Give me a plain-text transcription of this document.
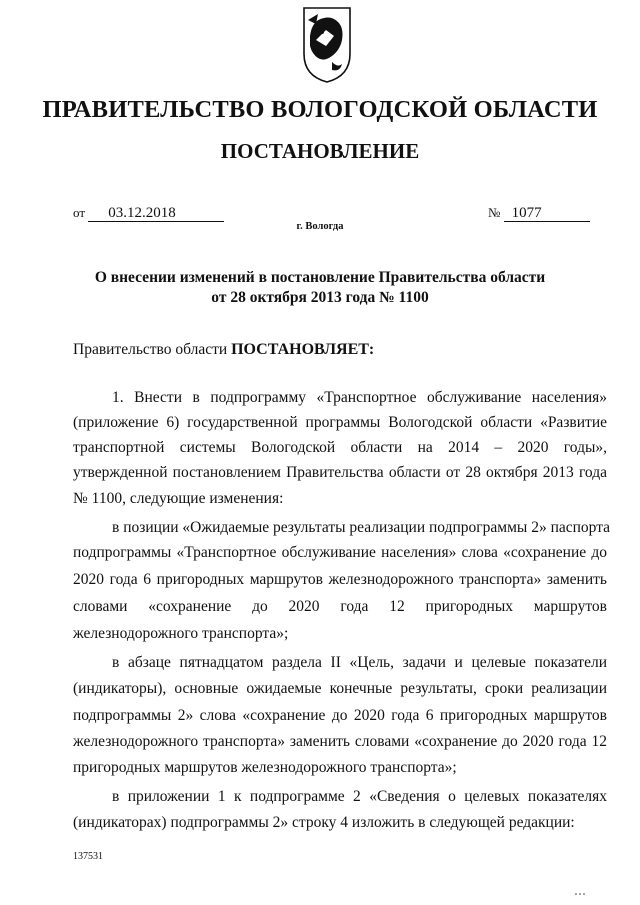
ПРАВИТЕЛЬСТВО ВОЛОГОДСКОЙ ОБЛАСТИ
ПОСТАНОВЛЕНИЕ
от 03.12.2018	№ 1077
г. Вологда
О внесении изменений в постановление Правительства области
от 28 октября 2013 года № 1100
Правительство области ПОСТАНОВЛЯЕТ:
1. Внести в подпрограмму «Транспортное обслуживание населения»
(приложение 6) государственной программы Вологодской области «Развитие
транспортной системы Вологодской области на 2014 – 2020 годы»,
утвержденной постановлением Правительства области от 28 октября 2013 года
№ 1100, следующие изменения:
в позиции «Ожидаемые результаты реализации подпрограммы 2» паспорта
подпрограммы «Транспортное обслуживание населения» слова «сохранение до
2020 года 6 пригородных маршрутов железнодорожного транспорта» заменить
словами «сохранение до 2020 года 12 пригородных маршрутов
железнодорожного транспорта»;
в абзаце пятнадцатом раздела II «Цель, задачи и целевые показатели
(индикаторы), основные ожидаемые конечные результаты, сроки реализации
подпрограммы 2» слова «сохранение до 2020 года 6 пригородных маршрутов
железнодорожного транспорта» заменить словами «сохранение до 2020 года 12
пригородных маршрутов железнодорожного транспорта»;
в приложении 1 к подпрограмме 2 «Сведения о целевых показателях
(индикаторах) подпрограммы 2» строку 4 изложить в следующей редакции:
137531
